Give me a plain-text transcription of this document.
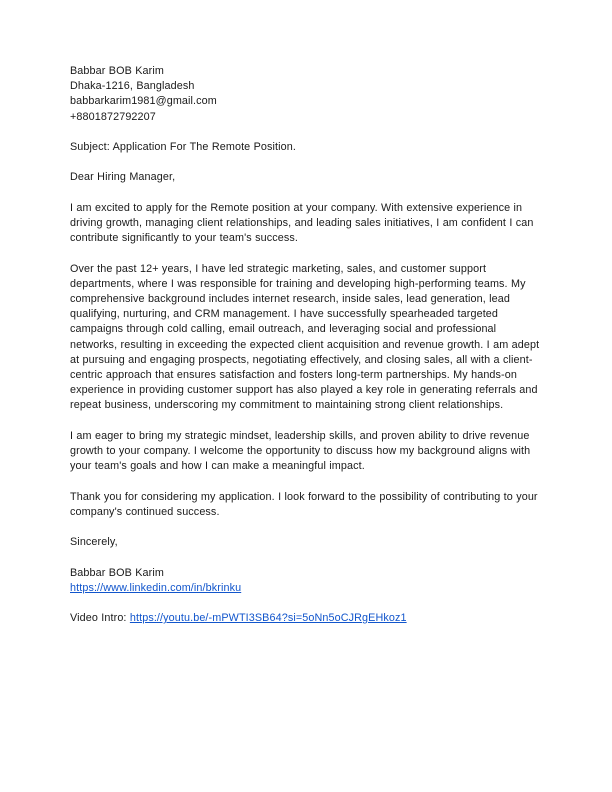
Babbar BOB Karim
Dhaka-1216, Bangladesh
babbarkarim1981@gmail.com
+8801872792207
Subject: Application For The Remote Position.
Dear Hiring Manager,

I am excited to apply for the Remote position at your company. With extensive experience in driving growth, managing client relationships, and leading sales initiatives, I am confident I can contribute significantly to your team's success.

Over the past 12+ years, I have led strategic marketing, sales, and customer support departments, where I was responsible for training and developing high-performing teams. My comprehensive background includes internet research, inside sales, lead generation, lead qualifying, nurturing, and CRM management. I have successfully spearheaded targeted campaigns through cold calling, email outreach, and leveraging social and professional networks, resulting in exceeding the expected client acquisition and revenue growth. I am adept at pursuing and engaging prospects, negotiating effectively, and closing sales, all with a client-centric approach that ensures satisfaction and fosters long-term partnerships. My hands-on experience in providing customer support has also played a key role in generating referrals and repeat business, underscoring my commitment to maintaining strong client relationships.

I am eager to bring my strategic mindset, leadership skills, and proven ability to drive revenue growth to your company. I welcome the opportunity to discuss how my background aligns with your team's goals and how I can make a meaningful impact.

Thank you for considering my application. I look forward to the possibility of contributing to your company's continued success.

Sincerely,
Babbar BOB Karim
https://www.linkedin.com/in/bkrinku
Video Intro: https://youtu.be/-mPWTI3SB64?si=5oNn5oCJRgEHkoz1
